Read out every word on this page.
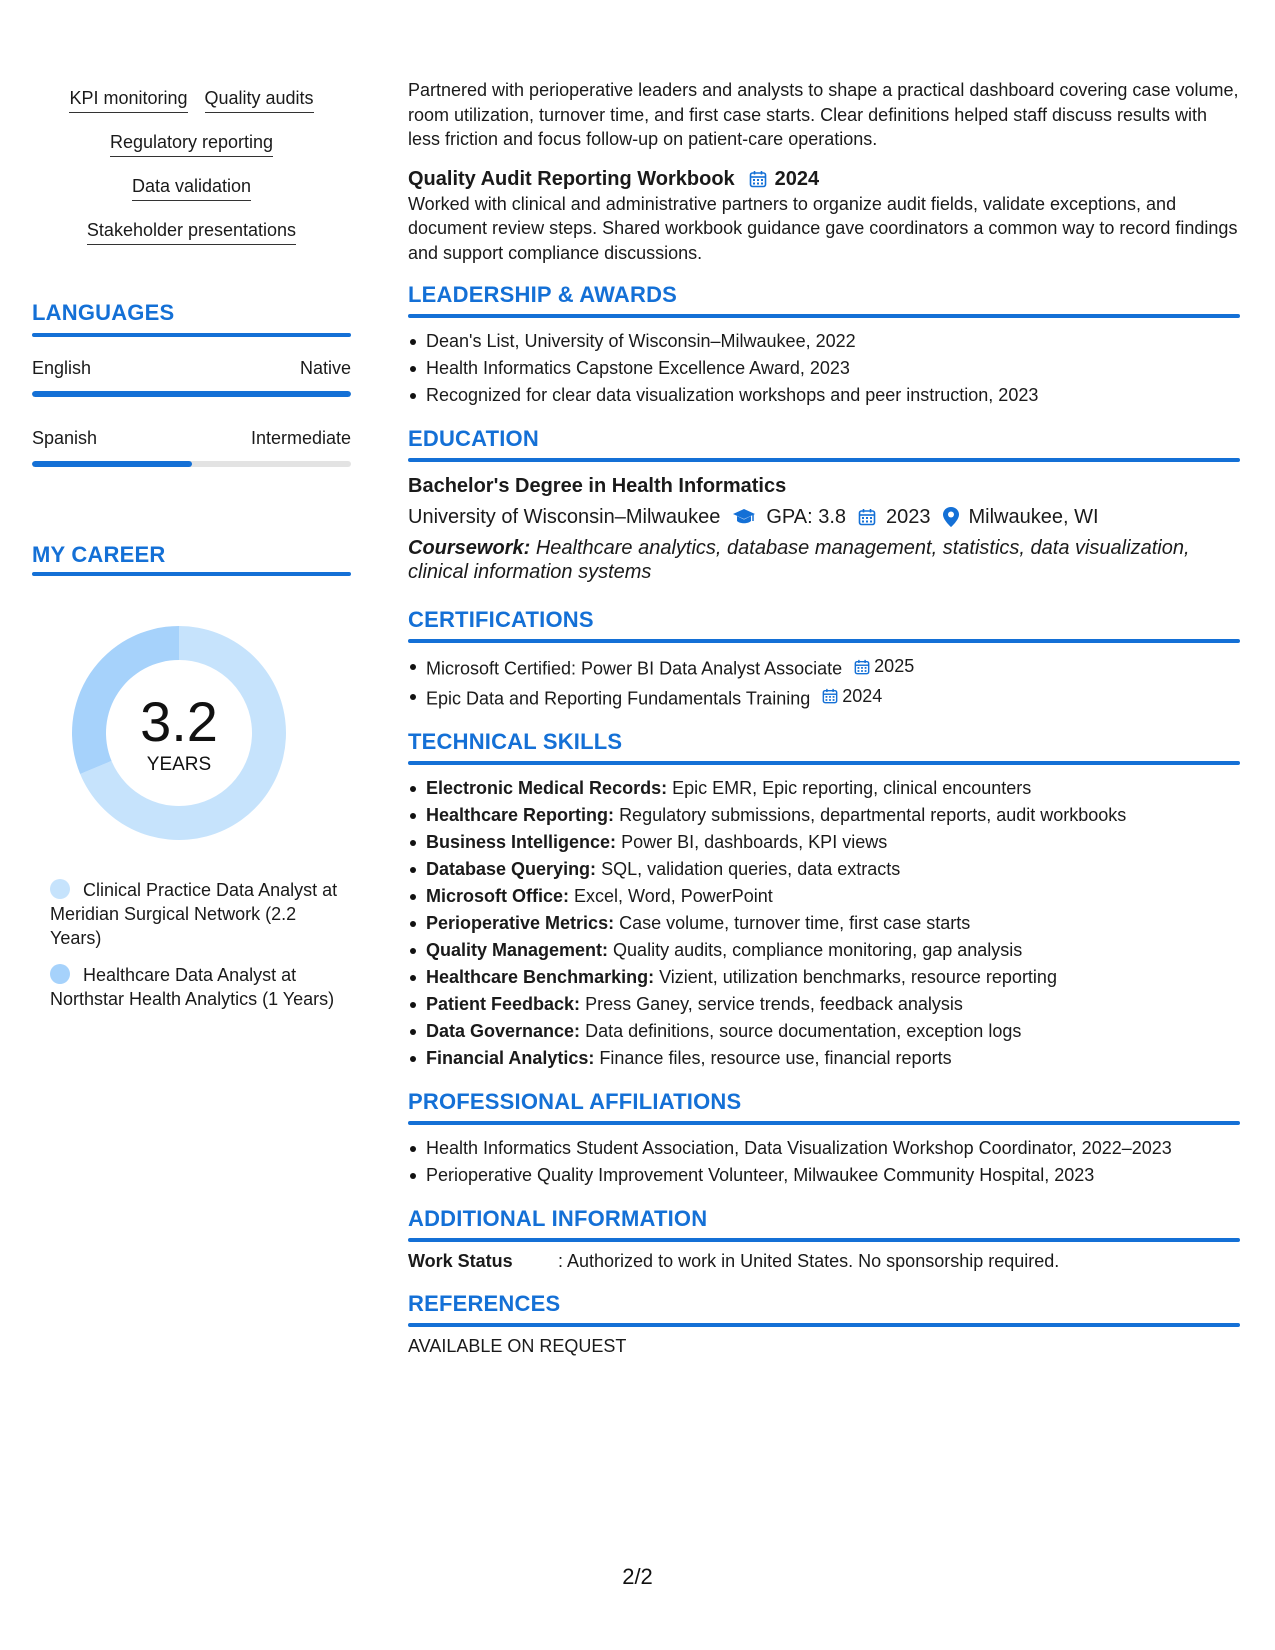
KPI monitoring Quality audits
Regulatory reporting
Data validation
Stakeholder presentations
LANGUAGES
English	Native
Spanish	Intermediate
MY CAREER
3.2
YEARS
Clinical Practice Data Analyst at Meridian Surgical Network (2.2 Years)
Healthcare Data Analyst at Northstar Health Analytics (1 Years)

Partnered with perioperative leaders and analysts to shape a practical dashboard covering case volume, room utilization, turnover time, and first case starts. Clear definitions helped staff discuss results with less friction and focus follow-up on patient-care operations.

Quality Audit Reporting Workbook 2024

Worked with clinical and administrative partners to organize audit fields, validate exceptions, and document review steps. Shared workbook guidance gave coordinators a common way to record findings and support compliance discussions.

LEADERSHIP & AWARDS
Dean's List, University of Wisconsin–Milwaukee, 2022
Health Informatics Capstone Excellence Award, 2023
Recognized for clear data visualization workshops and peer instruction, 2023
EDUCATION
Bachelor's Degree in Health Informatics
University of Wisconsin–Milwaukee GPA: 3.8 2023 Milwaukee, WI
Coursework: Healthcare analytics, database management, statistics, data visualization, clinical information systems
CERTIFICATIONS
Microsoft Certified: Power BI Data Analyst Associate 2025
Epic Data and Reporting Fundamentals Training 2024
TECHNICAL SKILLS
Electronic Medical Records: Epic EMR, Epic reporting, clinical encounters
Healthcare Reporting: Regulatory submissions, departmental reports, audit workbooks
Business Intelligence: Power BI, dashboards, KPI views
Database Querying: SQL, validation queries, data extracts
Microsoft Office: Excel, Word, PowerPoint
Perioperative Metrics: Case volume, turnover time, first case starts
Quality Management: Quality audits, compliance monitoring, gap analysis
Healthcare Benchmarking: Vizient, utilization benchmarks, resource reporting
Patient Feedback: Press Ganey, service trends, feedback analysis
Data Governance: Data definitions, source documentation, exception logs
Financial Analytics: Finance files, resource use, financial reports
PROFESSIONAL AFFILIATIONS
Health Informatics Student Association, Data Visualization Workshop Coordinator, 2022–2023
Perioperative Quality Improvement Volunteer, Milwaukee Community Hospital, 2023
ADDITIONAL INFORMATION
Work Status	: Authorized to work in United States. No sponsorship required.
REFERENCES
AVAILABLE ON REQUEST
2/2
